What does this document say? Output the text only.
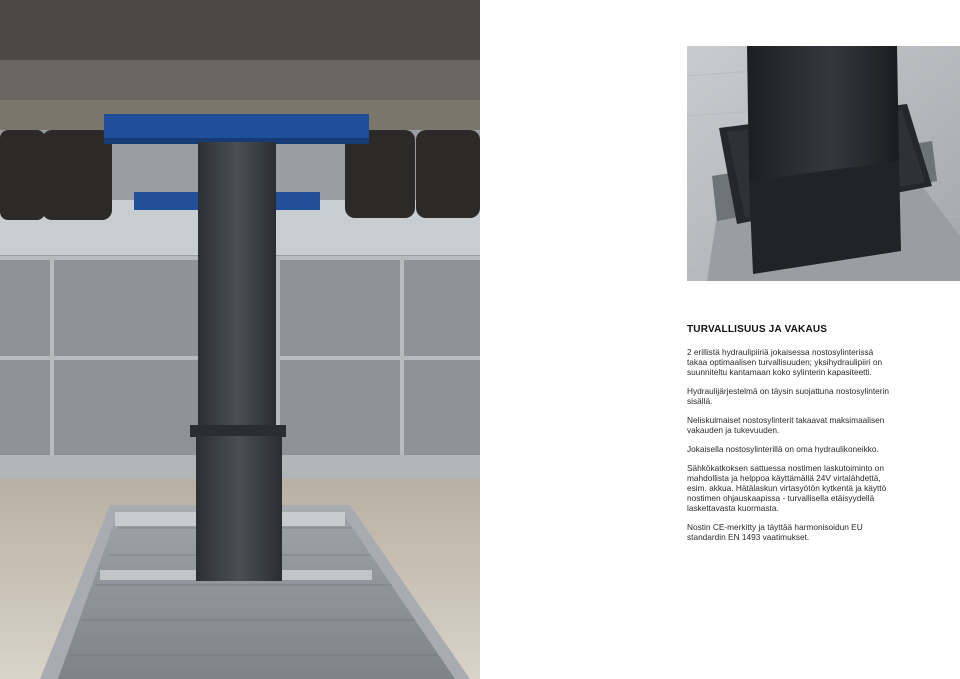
TURVALLISUUS JA VAKAUS

2 erillistä hydraulipiiriä jokaisessa nostosylinterissä takaa optimaalisen turvallisuuden; yksihydraulipiiri on suunniteltu kantamaan koko sylinterin kapasiteetti.

Hydraulijärjestelmä on täysin suojattuna nostosylinterin sisällä.

Neliskulmaiset nostosylinterit takaavat maksimaalisen vakauden ja tukevuuden.

Jokaisella nostosylinterillä on oma hydraulikoneikko.

Sähkökatkoksen sattuessa nostimen laskutoiminto on mahdollista ja helppoa käyttämällä 24V virtalähdettä, esim. akkua. Hätälaskun virtasyötön kytkentä ja käyttö nostimen ohjauskaapissa - turvallisella etäisyydellä laskettavasta kuormasta.

Nostin CE-merkitty ja täyttää harmonisoidun EU standardin EN 1493 vaatimukset.
